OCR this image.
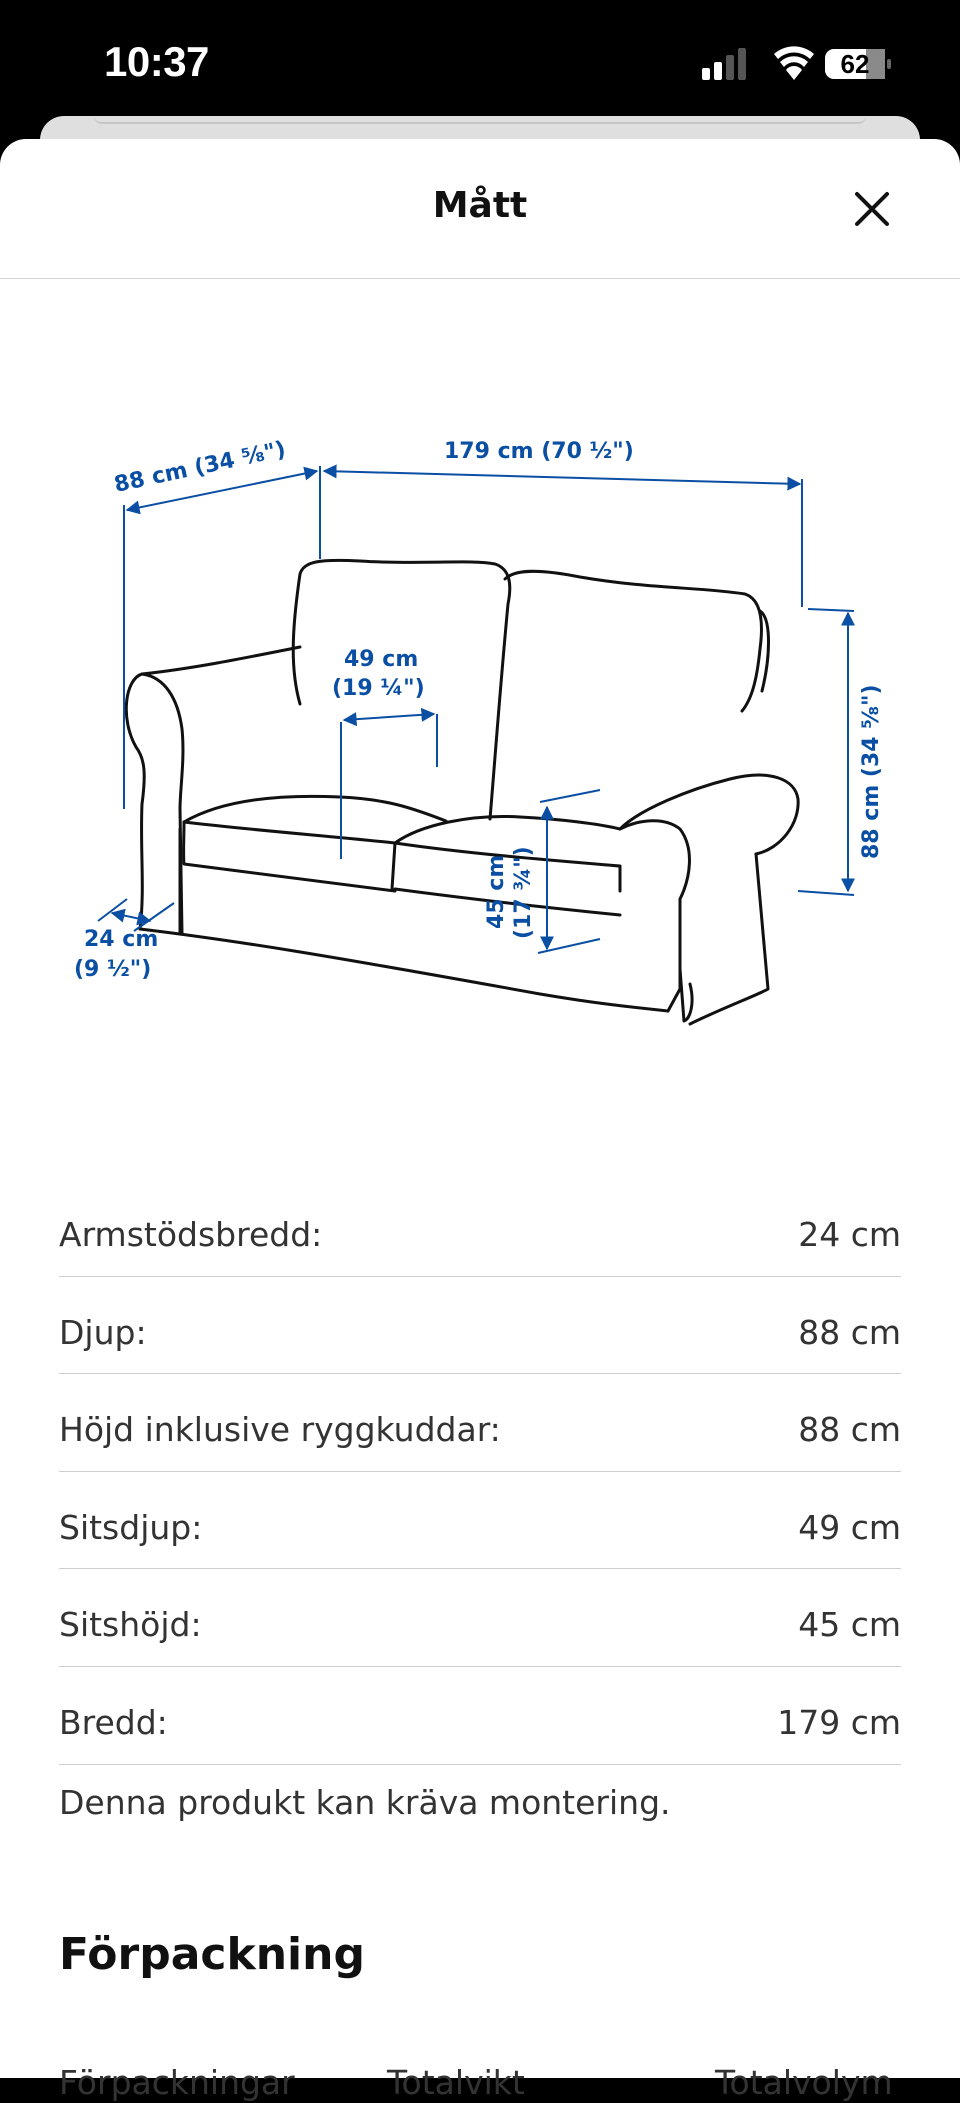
10:37	62
Mått
88 cm (34 ⅝")	179 cm (70 ½")
88 cm (34 ⅝")
49 cm
(19 ¼")
45 cm (17 ¾")
24 cm
(9 ½")
Armstödsbredd:	24 cm
Djup:	88 cm
Höjd inklusive ryggkuddar:	88 cm
Sitsdjup:	49 cm
Sitshöjd:	45 cm
Bredd:	179 cm
Denna produkt kan kräva montering.
Förpackning
Förpackningar	Totalvikt	Totalvolym
